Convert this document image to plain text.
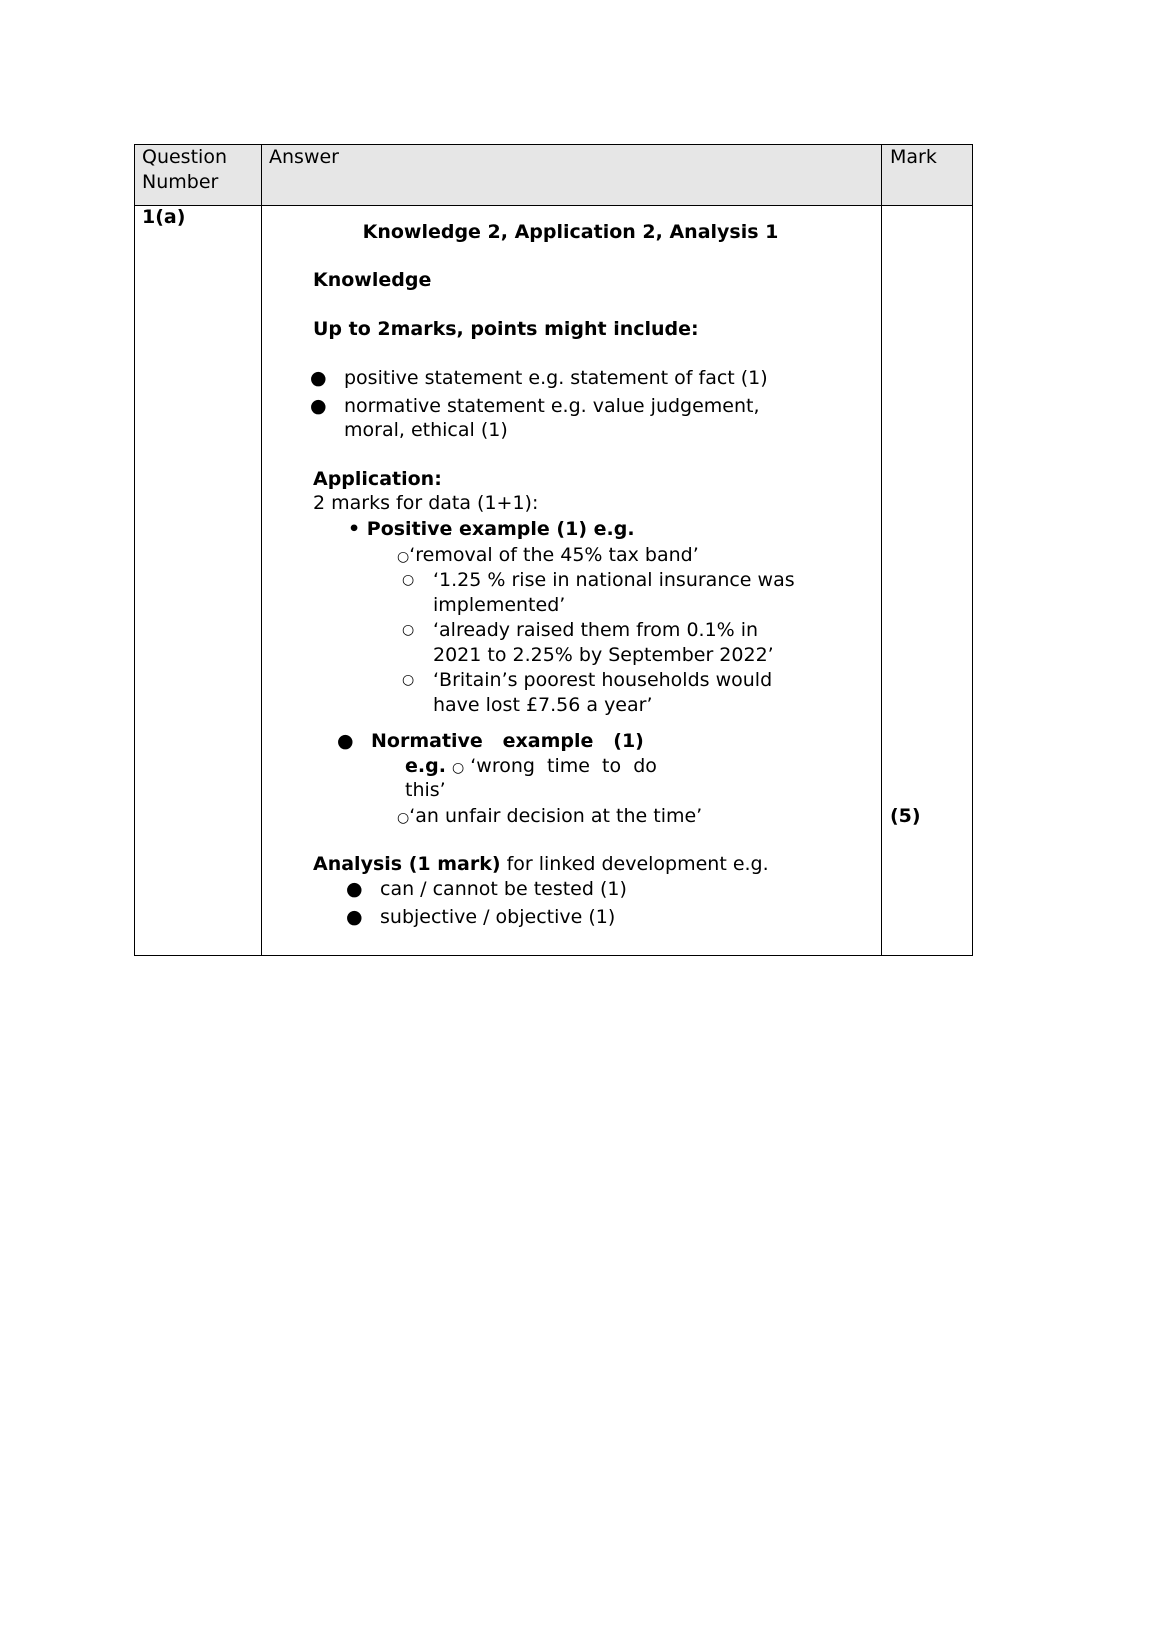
Question
Number
Answer	Mark
1(a)
Knowledge 2, Application 2, Analysis 1
Knowledge
Up to 2marks, points might include:
● positive statement e.g. statement of fact (1)
● normative statement e.g. value judgement,
moral, ethical (1)
Application:
2 marks for data (1+1):
• Positive example (1) e.g.
○‘removal of the 45% tax band’
○ ‘1.25 % rise in national insurance was
implemented’
○ ‘already raised them from 0.1% in
2021 to 2.25% by September 2022’
○ ‘Britain’s poorest households would
have lost £7.56 a year’
● Normative   example   (1)
e.g. ○ ‘wrong  time  to  do
this’
○‘an unfair decision at the time’	(5)
Analysis (1 mark) for linked development e.g.
● can / cannot be tested (1)
● subjective / objective (1)
